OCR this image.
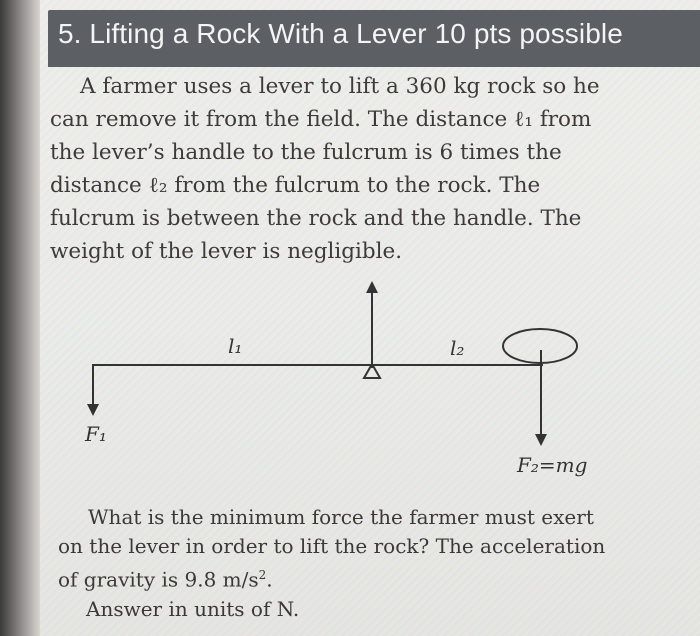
5. Lifting a Rock With a Lever 10 pts possible
A farmer uses a lever to lift a 360 kg rock so he can remove it from the field. The distance ℓ₁ from the lever’s handle to the fulcrum is 6 times the distance ℓ₂ from the fulcrum to the rock. The fulcrum is between the rock and the handle. The weight of the lever is negligible.
l₁	l₂
F₁
F₂=mg
What is the minimum force the farmer must exert on the lever in order to lift the rock? The acceleration of gravity is 9.8 $m/s^2$.
Answer in units of N.
